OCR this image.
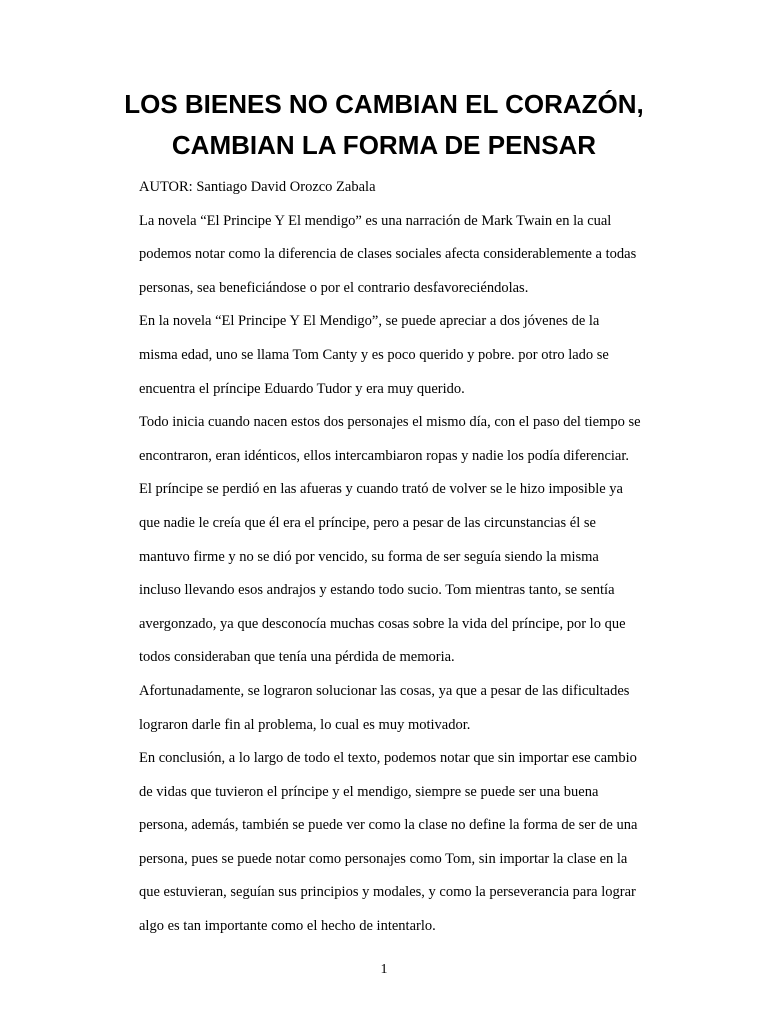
LOS BIENES NO CAMBIAN EL CORAZÓN,
CAMBIAN LA FORMA DE PENSAR
AUTOR: Santiago David Orozco Zabala
La novela “El Principe Y El mendigo” es una narración de Mark Twain en la cual
podemos notar como la diferencia de clases sociales afecta considerablemente a todas
personas, sea beneficiándose o por el contrario desfavoreciéndolas.
En la novela “El Principe Y El Mendigo”, se puede apreciar a dos jóvenes de la
misma edad, uno se llama Tom Canty y es poco querido y pobre. por otro lado se
encuentra el príncipe Eduardo Tudor y era muy querido.
Todo inicia cuando nacen estos dos personajes el mismo día, con el paso del tiempo se
encontraron, eran idénticos, ellos intercambiaron ropas y nadie los podía diferenciar.
El príncipe se perdió en las afueras y cuando trató de volver se le hizo imposible ya
que nadie le creía que él era el príncipe, pero a pesar de las circunstancias él se
mantuvo firme y no se dió por vencido, su forma de ser seguía siendo la misma
incluso llevando esos andrajos y estando todo sucio. Tom mientras tanto, se sentía
avergonzado, ya que desconocía muchas cosas sobre la vida del príncipe, por lo que
todos consideraban que tenía una pérdida de memoria.
Afortunadamente, se lograron solucionar las cosas, ya que a pesar de las dificultades
lograron darle fin al problema, lo cual es muy motivador.
En conclusión, a lo largo de todo el texto, podemos notar que sin importar ese cambio
de vidas que tuvieron el príncipe y el mendigo, siempre se puede ser una buena
persona, además, también se puede ver como la clase no define la forma de ser de una
persona, pues se puede notar como personajes como Tom, sin importar la clase en la
que estuvieran, seguían sus principios y modales, y como la perseverancia para lograr
algo es tan importante como el hecho de intentarlo.
1
